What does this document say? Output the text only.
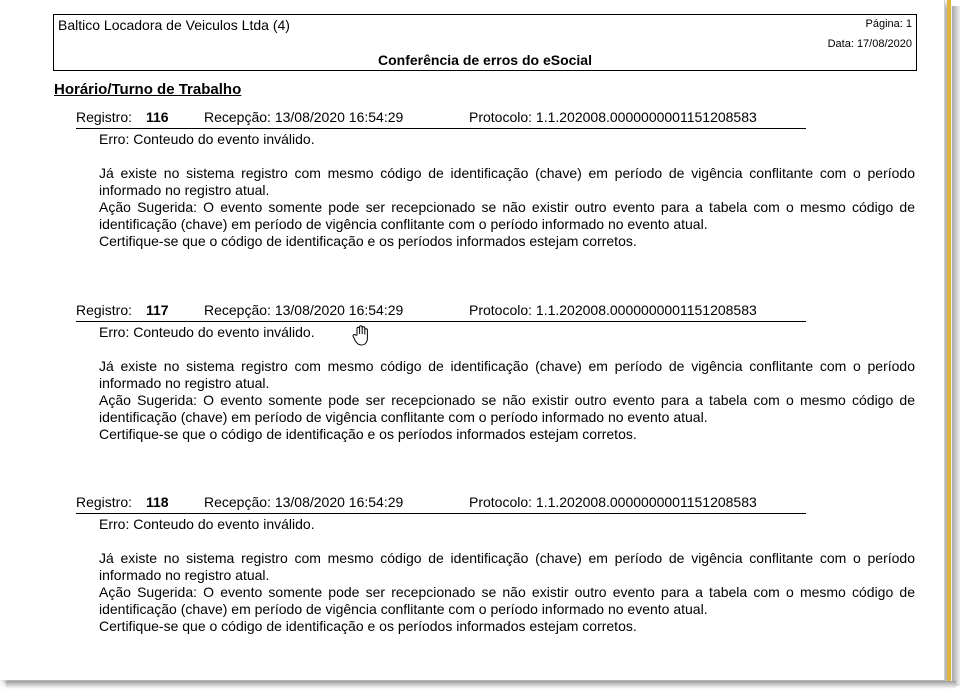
Baltico Locadora de Veiculos Ltda (4)	Página: 1
Data: 17/08/2020
Conferência de erros do eSocial
Horário/Turno de Trabalho
Registro: 116	Recepção: 13/08/2020 16:54:29	Protocolo: 1.1.202008.0000000001151208583

Erro: Conteudo do evento inválido.

Já existe no sistema registro com mesmo código de identificação (chave) em período de vigência conflitante com o período informado no registro atual.

Ação Sugerida: O evento somente pode ser recepcionado se não existir outro evento para a tabela com o mesmo código de identificação (chave) em período de vigência conflitante com o período informado no evento atual.

Certifique-se que o código de identificação e os períodos informados estejam corretos.

Registro: 117	Recepção: 13/08/2020 16:54:29	Protocolo: 1.1.202008.0000000001151208583

Erro: Conteudo do evento inválido.

Já existe no sistema registro com mesmo código de identificação (chave) em período de vigência conflitante com o período informado no registro atual.

Ação Sugerida: O evento somente pode ser recepcionado se não existir outro evento para a tabela com o mesmo código de identificação (chave) em período de vigência conflitante com o período informado no evento atual.

Certifique-se que o código de identificação e os períodos informados estejam corretos.

Registro: 118	Recepção: 13/08/2020 16:54:29	Protocolo: 1.1.202008.0000000001151208583

Erro: Conteudo do evento inválido.

Já existe no sistema registro com mesmo código de identificação (chave) em período de vigência conflitante com o período informado no registro atual.

Ação Sugerida: O evento somente pode ser recepcionado se não existir outro evento para a tabela com o mesmo código de identificação (chave) em período de vigência conflitante com o período informado no evento atual.

Certifique-se que o código de identificação e os períodos informados estejam corretos.
